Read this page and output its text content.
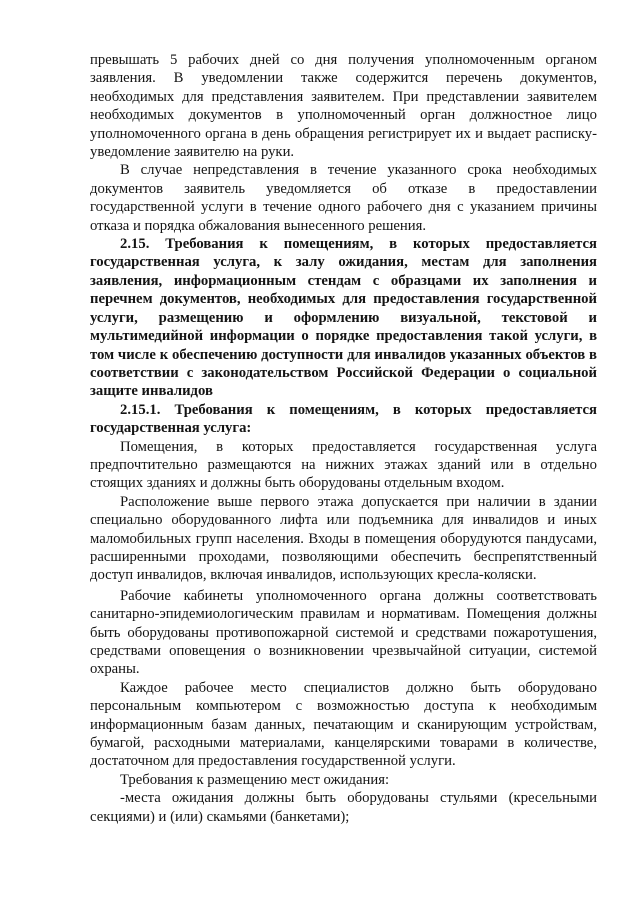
превышать 5 рабочих дней со дня получения уполномоченным органом заявления. В уведомлении также содержится перечень документов, необходимых для представления заявителем. При представлении заявителем необходимых документов в уполномоченный орган должностное лицо уполномоченного органа в день обращения регистрирует их и выдает расписку-уведомление заявителю на руки.

В случае непредставления в течение указанного срока необходимых документов заявитель уведомляется об отказе в предоставлении государственной услуги в течение одного рабочего дня с указанием причины отказа и порядка обжалования вынесенного решения.

2.15. Требования к помещениям, в которых предоставляется государственная услуга, к залу ожидания, местам для заполнения заявления, информационным стендам с образцами их заполнения и перечнем документов, необходимых для предоставления государственной услуги, размещению и оформлению визуальной, текстовой и мультимедийной информации о порядке предоставления такой услуги, в том числе к обеспечению доступности для инвалидов указанных объектов в соответствии с законодательством Российской Федерации о социальной защите инвалидов

2.15.1. Требования к помещениям, в которых предоставляется государственная услуга:

Помещения, в которых предоставляется государственная услуга предпочтительно размещаются на нижних этажах зданий или в отдельно стоящих зданиях и должны быть оборудованы отдельным входом.

Расположение выше первого этажа допускается при наличии в здании специально оборудованного лифта или подъемника для инвалидов и иных маломобильных групп населения. Входы в помещения оборудуются пандусами, расширенными проходами, позволяющими обеспечить беспрепятственный доступ инвалидов, включая инвалидов, использующих кресла-коляски.

Рабочие кабинеты уполномоченного органа должны соответствовать санитарно-эпидемиологическим правилам и нормативам. Помещения должны быть оборудованы противопожарной системой и средствами пожаротушения, средствами оповещения о возникновении чрезвычайной ситуации, системой охраны.

Каждое рабочее место специалистов должно быть оборудовано персональным компьютером с возможностью доступа к необходимым информационным базам данных, печатающим и сканирующим устройствам, бумагой, расходными материалами, канцелярскими товарами в количестве, достаточном для предоставления государственной услуги.

Требования к размещению мест ожидания:

-места ожидания должны быть оборудованы стульями (кресельными секциями) и (или) скамьями (банкетами);
